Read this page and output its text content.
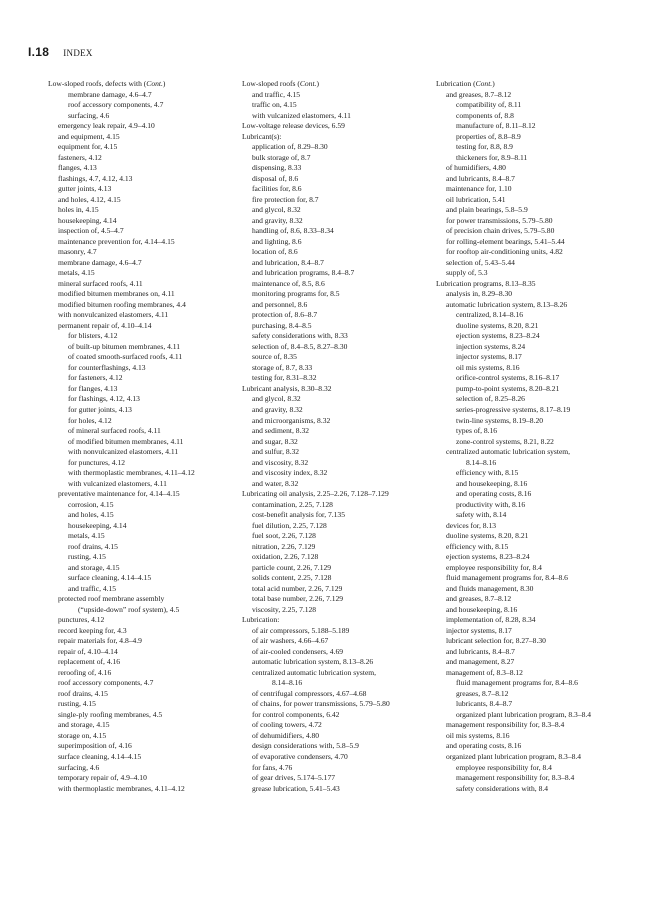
I.18 INDEX
Low-sloped roofs, defects with (Cont.)
membrane damage, 4.6–4.7
roof accessory components, 4.7
surfacing, 4.6
emergency leak repair, 4.9–4.10
and equipment, 4.15
equipment for, 4.15
fasteners, 4.12
flanges, 4.13
flashings, 4.7, 4.12, 4.13
gutter joints, 4.13
and holes, 4.12, 4.15
holes in, 4.15
housekeeping, 4.14
inspection of, 4.5–4.7
maintenance prevention for, 4.14–4.15
masonry, 4.7
membrane damage, 4.6–4.7
metals, 4.15
mineral surfaced roofs, 4.11
modified bitumen membranes on, 4.11
modified bitumen roofing membranes, 4.4
with nonvulcanized elastomers, 4.11
permanent repair of, 4.10–4.14
for blisters, 4.12
of built-up bitumen membranes, 4.11
of coated smooth-surfaced roofs, 4.11
for counterflashings, 4.13
for fasteners, 4.12
for flanges, 4.13
for flashings, 4.12, 4.13
for gutter joints, 4.13
for holes, 4.12
of mineral surfaced roofs, 4.11
of modified bitumen membranes, 4.11
with nonvulcanized elastomers, 4.11
for punctures, 4.12
with thermoplastic membranes, 4.11–4.12
with vulcanized elastomers, 4.11
preventative maintenance for, 4.14–4.15
corrosion, 4.15
and holes, 4.15
housekeeping, 4.14
metals, 4.15
roof drains, 4.15
rusting, 4.15
and storage, 4.15
surface cleaning, 4.14–4.15
and traffic, 4.15
protected roof membrane assembly
(“upside-down” roof system), 4.5
punctures, 4.12
record keeping for, 4.3
repair materials for, 4.8–4.9
repair of, 4.10–4.14
replacement of, 4.16
reroofing of, 4.16
roof accessory components, 4.7
roof drains, 4.15
rusting, 4.15
single-ply roofing membranes, 4.5
and storage, 4.15
storage on, 4.15
superimposition of, 4.16
surface cleaning, 4.14–4.15
surfacing, 4.6
temporary repair of, 4.9–4.10
with thermoplastic membranes, 4.11–4.12
Low-sloped roofs (Cont.)
and traffic, 4.15
traffic on, 4.15
with vulcanized elastomers, 4.11
Low-voltage release devices, 6.59
Lubricant(s):
application of, 8.29–8.30
bulk storage of, 8.7
dispensing, 8.33
disposal of, 8.6
facilities for, 8.6
fire protection for, 8.7
and glycol, 8.32
and gravity, 8.32
handling of, 8.6, 8.33–8.34
and lighting, 8.6
location of, 8.6
and lubrication, 8.4–8.7
and lubrication programs, 8.4–8.7
maintenance of, 8.5, 8.6
monitoring programs for, 8.5
and personnel, 8.6
protection of, 8.6–8.7
purchasing, 8.4–8.5
safety considerations with, 8.33
selection of, 8.4–8.5, 8.27–8.30
source of, 8.35
storage of, 8.7, 8.33
testing for, 8.31–8.32
Lubricant analysis, 8.30–8.32
and glycol, 8.32
and gravity, 8.32
and microorganisms, 8.32
and sediment, 8.32
and sugar, 8.32
and sulfur, 8.32
and viscosity, 8.32
and viscosity index, 8.32
and water, 8.32
Lubricating oil analysis, 2.25–2.26, 7.128–7.129
contamination, 2.25, 7.128
cost-benefit analysis for, 7.135
fuel dilution, 2.25, 7.128
fuel soot, 2.26, 7.128
nitration, 2.26, 7.129
oxidation, 2.26, 7.128
particle count, 2.26, 7.129
solids content, 2.25, 7.128
total acid number, 2.26, 7.129
total base number, 2.26, 7.129
viscosity, 2.25, 7.128
Lubrication:
of air compressors, 5.188–5.189
of air washers, 4.66–4.67
of air-cooled condensers, 4.69
automatic lubrication system, 8.13–8.26
centralized automatic lubrication system,
8.14–8.16
of centrifugal compressors, 4.67–4.68
of chains, for power transmissions, 5.79–5.80
for control components, 6.42
of cooling towers, 4.72
of dehumidifiers, 4.80
design considerations with, 5.8–5.9
of evaporative condensers, 4.70
for fans, 4.76
of gear drives, 5.174–5.177
grease lubrication, 5.41–5.43
Lubrication (Cont.)
and greases, 8.7–8.12
compatibility of, 8.11
components of, 8.8
manufacture of, 8.11–8.12
properties of, 8.8–8.9
testing for, 8.8, 8.9
thickeners for, 8.9–8.11
of humidifiers, 4.80
and lubricants, 8.4–8.7
maintenance for, 1.10
oil lubrication, 5.41
and plain bearings, 5.8–5.9
for power transmissions, 5.79–5.80
of precision chain drives, 5.79–5.80
for rolling-element bearings, 5.41–5.44
for rooftop air-conditioning units, 4.82
selection of, 5.43–5.44
supply of, 5.3
Lubrication programs, 8.13–8.35
analysis in, 8.29–8.30
automatic lubrication system, 8.13–8.26
centralized, 8.14–8.16
duoline systems, 8.20, 8.21
ejection systems, 8.23–8.24
injection systems, 8.24
injector systems, 8.17
oil mis systems, 8.16
orifice-control systems, 8.16–8.17
pump-to-point systems, 8.20–8.21
selection of, 8.25–8.26
series-progressive systems, 8.17–8.19
twin-line systems, 8.19–8.20
types of, 8.16
zone-control systems, 8.21, 8.22
centralized automatic lubrication system,
8.14–8.16
efficiency with, 8.15
and housekeeping, 8.16
and operating costs, 8.16
productivity with, 8.16
safety with, 8.14
devices for, 8.13
duoline systems, 8.20, 8.21
efficiency with, 8.15
ejection systems, 8.23–8.24
employee responsibility for, 8.4
fluid management programs for, 8.4–8.6
and fluids management, 8.30
and greases, 8.7–8.12
and housekeeping, 8.16
implementation of, 8.28, 8.34
injector systems, 8.17
lubricant selection for, 8.27–8.30
and lubricants, 8.4–8.7
and management, 8.27
management of, 8.3–8.12
fluid management programs for, 8.4–8.6
greases, 8.7–8.12
lubricants, 8.4–8.7
organized plant lubrication program, 8.3–8.4
management responsibility for, 8.3–8.4
oil mis systems, 8.16
and operating costs, 8.16
organized plant lubrication program, 8.3–8.4
employee responsibility for, 8.4
management responsibility for, 8.3–8.4
safety considerations with, 8.4
